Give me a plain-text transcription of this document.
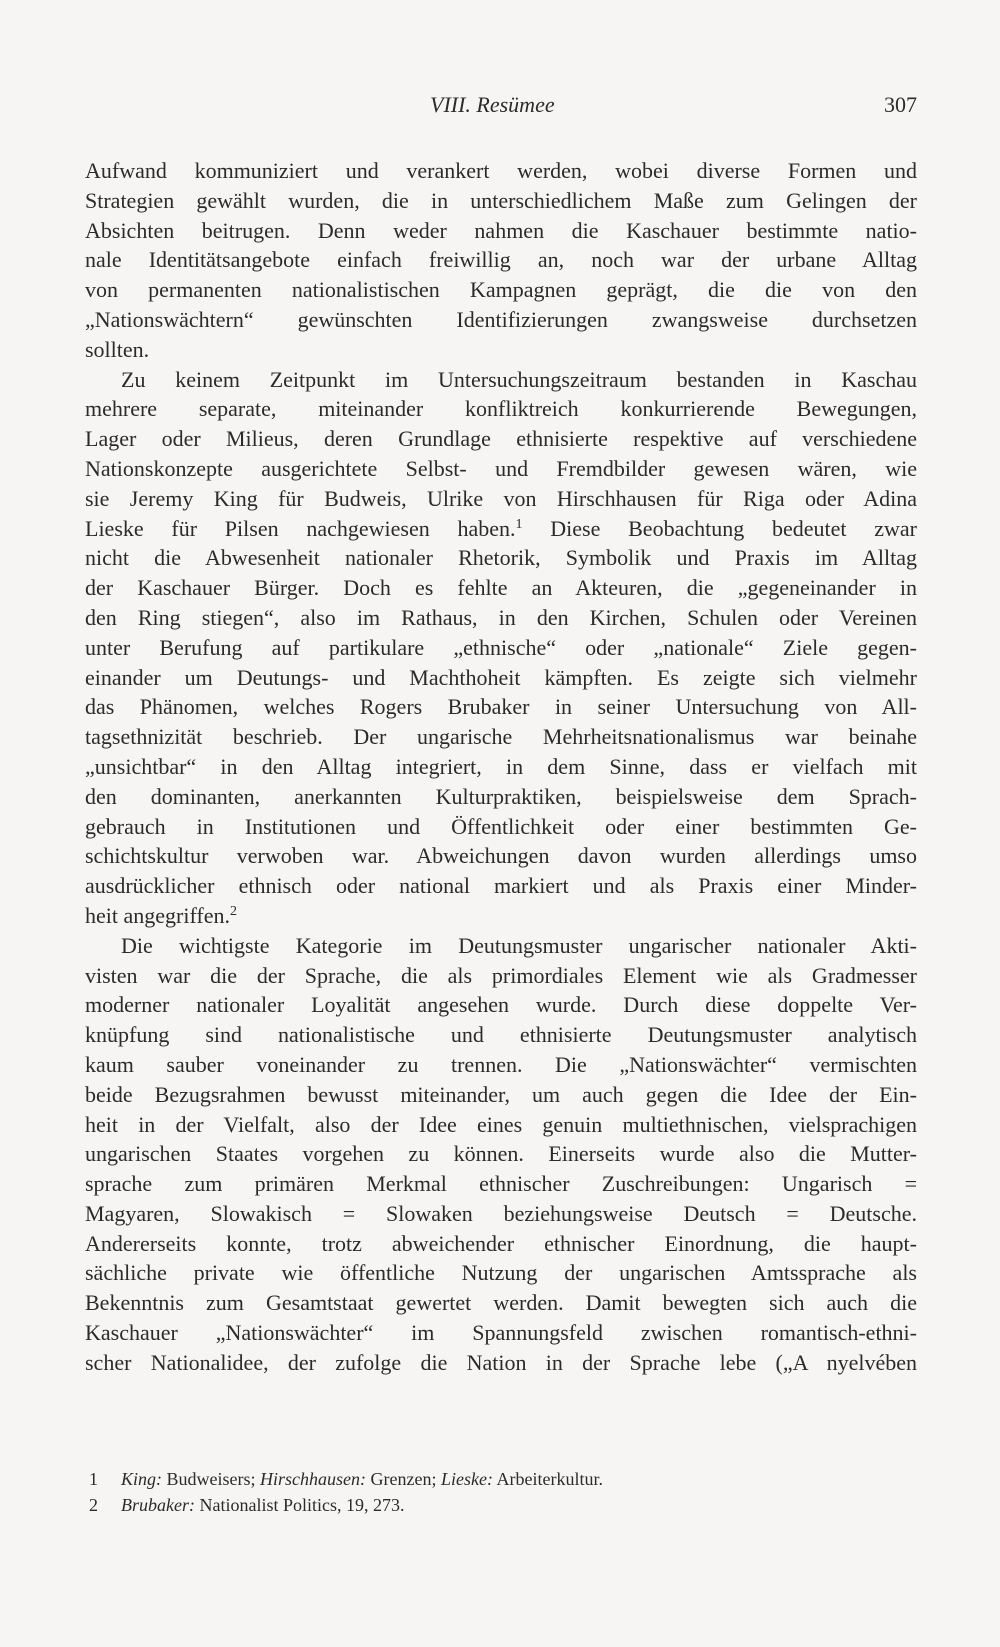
VIII. Resümee	307
Aufwand kommuniziert und verankert werden, wobei diverse Formen und
Strategien gewählt wurden, die in unterschiedlichem Maße zum Gelingen der
Absichten beitrugen. Denn weder nahmen die Kaschauer bestimmte natio-
nale Identitätsangebote einfach freiwillig an, noch war der urbane Alltag
von permanenten nationalistischen Kampagnen geprägt, die die von den
„Nationswächtern“ gewünschten Identifizierungen zwangsweise durchsetzen
sollten.
Zu keinem Zeitpunkt im Untersuchungszeitraum bestanden in Kaschau
mehrere separate, miteinander konfliktreich konkurrierende Bewegungen,
Lager oder Milieus, deren Grundlage ethnisierte respektive auf verschiedene
Nationskonzepte ausgerichtete Selbst- und Fremdbilder gewesen wären, wie
sie Jeremy King für Budweis, Ulrike von Hirschhausen für Riga oder Adina
Lieske für Pilsen nachgewiesen haben.$^1$ Diese Beobachtung bedeutet zwar
nicht die Abwesenheit nationaler Rhetorik, Symbolik und Praxis im Alltag
der Kaschauer Bürger. Doch es fehlte an Akteuren, die „gegeneinander in
den Ring stiegen“, also im Rathaus, in den Kirchen, Schulen oder Vereinen
unter Berufung auf partikulare „ethnische“ oder „nationale“ Ziele gegen-
einander um Deutungs- und Machthoheit kämpften. Es zeigte sich vielmehr
das Phänomen, welches Rogers Brubaker in seiner Untersuchung von All-
tagsethnizität beschrieb. Der ungarische Mehrheitsnationalismus war beinahe
„unsichtbar“ in den Alltag integriert, in dem Sinne, dass er vielfach mit
den dominanten, anerkannten Kulturpraktiken, beispielsweise dem Sprach-
gebrauch in Institutionen und Öffentlichkeit oder einer bestimmten Ge-
schichtskultur verwoben war. Abweichungen davon wurden allerdings umso
ausdrücklicher ethnisch oder national markiert und als Praxis einer Minder-
heit angegriffen.$^2$
Die wichtigste Kategorie im Deutungsmuster ungarischer nationaler Akti-
visten war die der Sprache, die als primordiales Element wie als Gradmesser
moderner nationaler Loyalität angesehen wurde. Durch diese doppelte Ver-
knüpfung sind nationalistische und ethnisierte Deutungsmuster analytisch
kaum sauber voneinander zu trennen. Die „Nationswächter“ vermischten
beide Bezugsrahmen bewusst miteinander, um auch gegen die Idee der Ein-
heit in der Vielfalt, also der Idee eines genuin multiethnischen, vielsprachigen
ungarischen Staates vorgehen zu können. Einerseits wurde also die Mutter-
sprache zum primären Merkmal ethnischer Zuschreibungen: Ungarisch =
Magyaren, Slowakisch = Slowaken beziehungsweise Deutsch = Deutsche.
Andererseits konnte, trotz abweichender ethnischer Einordnung, die haupt-
sächliche private wie öffentliche Nutzung der ungarischen Amtssprache als
Bekenntnis zum Gesamtstaat gewertet werden. Damit bewegten sich auch die
Kaschauer „Nationswächter“ im Spannungsfeld zwischen romantisch-ethni-
scher Nationalidee, der zufolge die Nation in der Sprache lebe („A nyelvében
1 King: Budweisers; Hirschhausen: Grenzen; Lieske: Arbeiterkultur.
2 Brubaker: Nationalist Politics, 19, 273.
